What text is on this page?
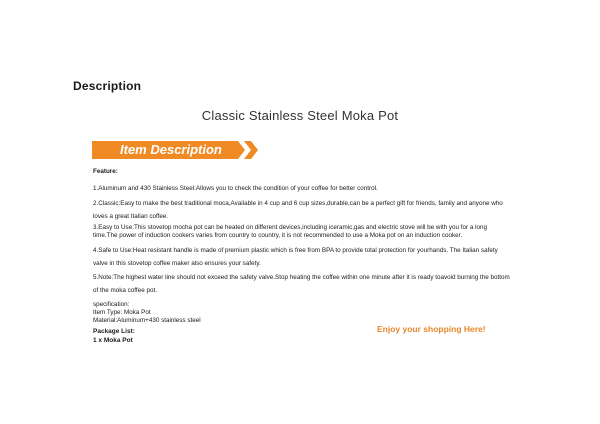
Description
Classic Stainless Steel Moka Pot
Item Description

Feature:

1.Aluminum and 430 Stainless Steel:Allows you to check the condition of your coffee for better control.

2.Classic:Easy to make the best traditional moca,Available in 4 cup and 6 cup sizes,durable,can be a perfect gift for friends, family and anyone who loves a great Italian coffee.

3.Easy to Use:This stovetop mocha pot can be heated on different devices,including iceramic,gas and electric stove will be with you for a long time.The power of induction cookers varies from country to country, it is not recommended to use a Moka pot on an induction cooker.

4.Safe to Use:Heat resistant handle is made of premium plastic which is free from BPA to provide total protection for yourhands. The Italian safety valve in this stovetop coffee maker also ensures your safety.

5.Note:The highest water line should not exceed the safety valve.Stop heating the coffee within one minute after it is ready toavoid burning the bottom of the moka coffee pot.

specification:
Item Type: Moka Pot
Material:Aluminum+430 stainless steel
Package List:
1 x Moka Pot
Enjoy your shopping Here!
